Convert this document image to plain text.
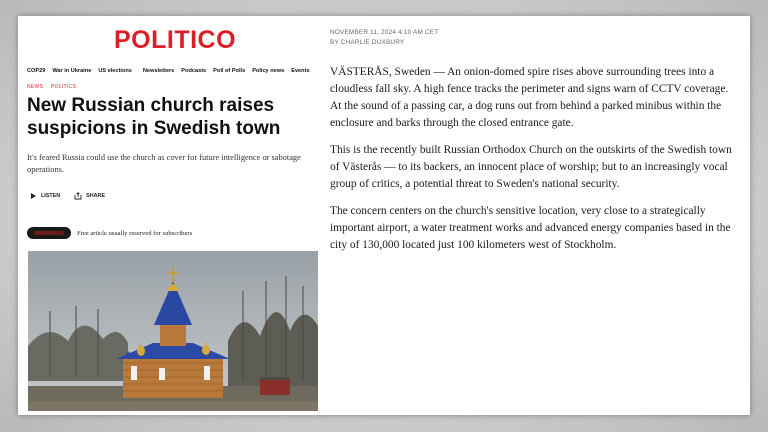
POLITICO
COP29 War in Ukraine US elections Newsletters Podcasts Poll of Polls Policy news Events
NEWS POLITICS
New Russian church raises suspicions in Swedish town
It's feared Russia could use the church as cover for future intelligence or sabotage operations.
LISTEN	SHARE
Free article usually reserved for subscribers
NOVEMBER 11, 2024 4:10 AM CET
BY CHARLIE DUXBURY

VÄSTERÅS, Sweden — An onion-domed spire rises above surrounding trees into a cloudless fall sky. A high fence tracks the perimeter and signs warn of CCTV coverage. At the sound of a passing car, a dog runs out from behind a parked minibus within the enclosure and barks through the closed entrance gate.

This is the recently built Russian Orthodox Church on the outskirts of the Swedish town of Västerås — to its backers, an innocent place of worship; but to an increasingly vocal group of critics, a potential threat to Sweden's national security.

The concern centers on the church's sensitive location, very close to a strategically important airport, a water treatment works and advanced energy companies based in the city of 130,000 located just 100 kilometers west of Stockholm.
